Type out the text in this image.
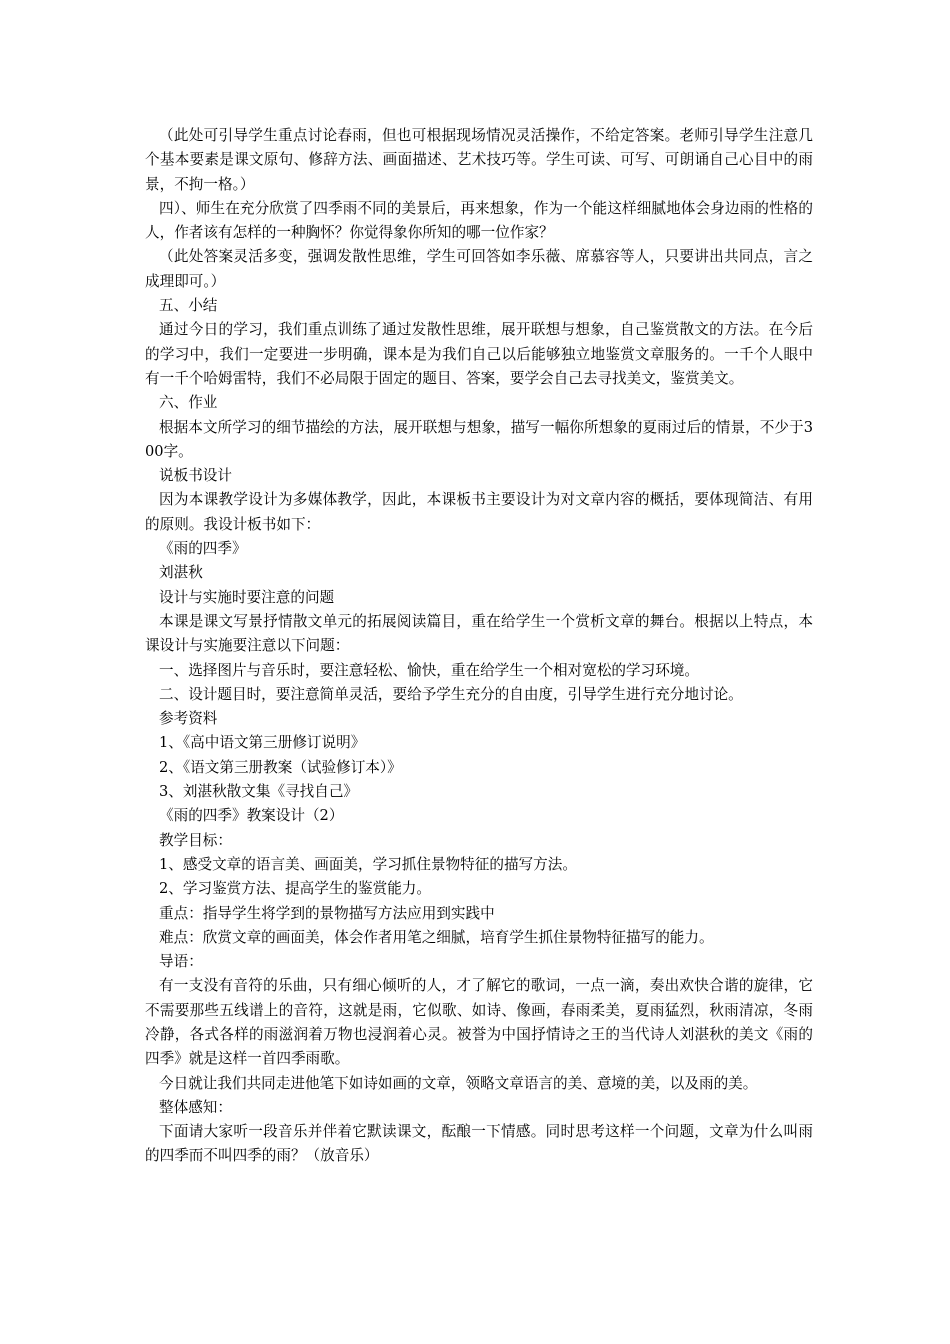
（此处可引导学生重点讨论春雨，但也可根据现场情况灵活操作，不给定答案。老师引导学生注意几个基本要素是课文原句、修辞方法、画面描述、艺术技巧等。学生可读、可写、可朗诵自己心目中的雨景，不拘一格。）

四）、师生在充分欣赏了四季雨不同的美景后，再来想象，作为一个能这样细腻地体会身边雨的性格的人，作者该有怎样的一种胸怀？你觉得象你所知的哪一位作家？

（此处答案灵活多变，强调发散性思维，学生可回答如李乐薇、席慕容等人，只要讲出共同点，言之成理即可。）

五、小结

通过今日的学习，我们重点训练了通过发散性思维，展开联想与想象，自己鉴赏散文的方法。在今后的学习中，我们一定要进一步明确，课本是为我们自己以后能够独立地鉴赏文章服务的。一千个人眼中有一千个哈姆雷特，我们不必局限于固定的题目、答案，要学会自己去寻找美文，鉴赏美文。

六、作业

根据本文所学习的细节描绘的方法，展开联想与想象，描写一幅你所想象的夏雨过后的情景，不少于300字。

说板书设计

因为本课教学设计为多媒体教学，因此，本课板书主要设计为对文章内容的概括，要体现简洁、有用的原则。我设计板书如下：

《雨的四季》

刘湛秋

设计与实施时要注意的问题

本课是课文写景抒情散文单元的拓展阅读篇目，重在给学生一个赏析文章的舞台。根据以上特点，本课设计与实施要注意以下问题：

一、选择图片与音乐时，要注意轻松、愉快，重在给学生一个相对宽松的学习环境。

二、设计题目时，要注意简单灵活，要给予学生充分的自由度，引导学生进行充分地讨论。

参考资料

1、《高中语文第三册修订说明》

2、《语文第三册教案（试验修订本）》

3、刘湛秋散文集《寻找自己》

《雨的四季》教案设计（2）

教学目标：

1、感受文章的语言美、画面美，学习抓住景物特征的描写方法。

2、学习鉴赏方法、提高学生的鉴赏能力。

重点：指导学生将学到的景物描写方法应用到实践中

难点：欣赏文章的画面美，体会作者用笔之细腻，培育学生抓住景物特征描写的能力。

导语：

有一支没有音符的乐曲，只有细心倾听的人，才了解它的歌词，一点一滴，奏出欢快合谐的旋律，它不需要那些五线谱上的音符，这就是雨，它似歌、如诗、像画，春雨柔美，夏雨猛烈，秋雨清凉，冬雨冷静，各式各样的雨滋润着万物也浸润着心灵。被誉为中国抒情诗之王的当代诗人刘湛秋的美文《雨的四季》就是这样一首四季雨歌。

今日就让我们共同走进他笔下如诗如画的文章，领略文章语言的美、意境的美，以及雨的美。

整体感知：

下面请大家听一段音乐并伴着它默读课文，酝酿一下情感。同时思考这样一个问题，文章为什么叫雨的四季而不叫四季的雨？（放音乐）
